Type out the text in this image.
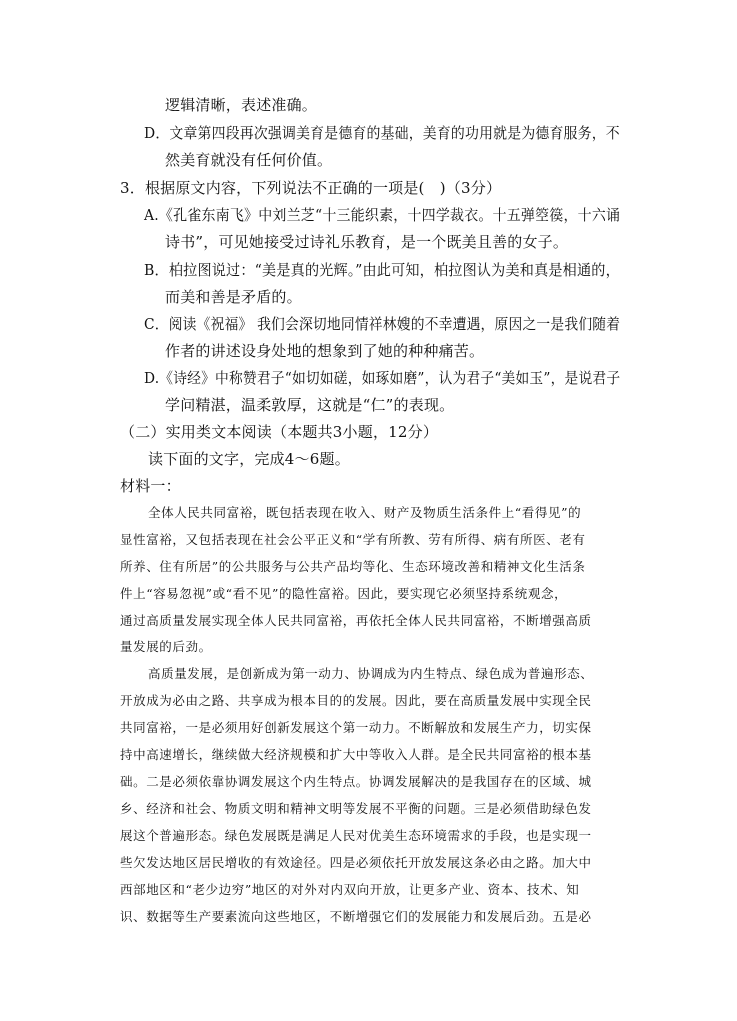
逻辑清晰，表述准确。
D．文章第四段再次强调美育是德育的基础，美育的功用就是为德育服务，不
然美育就没有任何价值。
3．根据原文内容，下列说法不正确的一项是(　)（3分）
A.《孔雀东南飞》中刘兰芝“十三能织素，十四学裁衣。十五弹箜篌，十六诵
诗书”，可见她接受过诗礼乐教育，是一个既美且善的女子。
B．柏拉图说过：“美是真的光辉。”由此可知，柏拉图认为美和真是相通的，
而美和善是矛盾的。
C．阅读《祝福》 我们会深切地同情祥林嫂的不幸遭遇，原因之一是我们随着
作者的讲述设身处地的想象到了她的种种痛苦。
D.《诗经》中称赞君子“如切如磋，如琢如磨”，认为君子“美如玉”，是说君子
学问精湛，温柔敦厚，这就是“仁”的表现。
（二）实用类文本阅读（本题共3小题，12分）
读下面的文字，完成4～6题。
材料一：
全体人民共同富裕，既包括表现在收入、财产及物质生活条件上“看得见”的
显性富裕，又包括表现在社会公平正义和“学有所教、劳有所得、病有所医、老有
所养、住有所居”的公共服务与公共产品均等化、生态环境改善和精神文化生活条
件上“容易忽视”或“看不见”的隐性富裕。因此，要实现它必须坚持系统观念，
通过高质量发展实现全体人民共同富裕，再依托全体人民共同富裕，不断增强高质
量发展的后劲。
高质量发展，是创新成为第一动力、协调成为内生特点、绿色成为普遍形态、
开放成为必由之路、共享成为根本目的的发展。因此，要在高质量发展中实现全民
共同富裕，一是必须用好创新发展这个第一动力。不断解放和发展生产力，切实保
持中高速增长，继续做大经济规模和扩大中等收入人群。是全民共同富裕的根本基
础。二是必须依靠协调发展这个内生特点。协调发展解决的是我国存在的区域、城
乡、经济和社会、物质文明和精神文明等发展不平衡的问题。三是必须借助绿色发
展这个普遍形态。绿色发展既是满足人民对优美生态环境需求的手段，也是实现一
些欠发达地区居民增收的有效途径。四是必须依托开放发展这条必由之路。加大中
西部地区和“老少边穷”地区的对外对内双向开放，让更多产业、资本、技术、知
识、数据等生产要素流向这些地区，不断增强它们的发展能力和发展后劲。五是必
